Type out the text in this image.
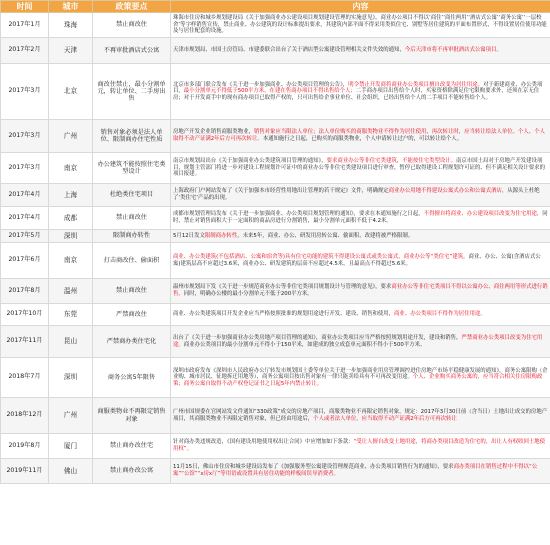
时间	城市	政策要点	内容
2017年1月	珠海	禁止商改住	珠海市住房和城乡规划建设局《关于加强商业办公建设项目规划建设管理的实施意见》，商业办公项目不得以‘商住’‘商住两用’‘酒店式公寓’‘商务公寓’‘一层校舍’等字样销售宣传，禁止商业、办公建筑的设计标准提出要求，其建筑内部平面不得采用类似住宅、别墅等居住建筑的平面布置形式，不得设置居住使用功能及与居住配套的设施。
2017年2月	天津	不再审批酒店式公寓	天津市规划局、市国土房管局、市建委联合出台了关于酒店型公寓建设管理相关文件失效的通知，今后天津市将不再审批酒店式公寓项目。
2017年3月	北京	商改住禁止，最小分割单元，转让单位、二手房出售	北京市多部门联合发布《关于进一步加强商业、办公类项目管理的公告》，明令禁止开发商将商业办公类项目擅自改变为居住用途。对于新建商业、办公类项目，最小分割单元不得低于500平方米，在建在售商办项目不得出售给个人；二手商办项目出售给个人时，买家资格除满足住宅限购要求外，还须在京无住房；对于开发商手中的现有商办项目已取得产权的，只可出售给企事业单位、社会组织，已经出售给个人的二手项目不能转售给个人。
2017年3月	广州	销售对象必须是法人单位、限制商办住宅性质	房地产开发企业销售商服类物业，销售对象应当限法人单位；法人单位购买的商服类物业不得作为居住使用，再次转让时，应当转让给法人单位。个人、个人取得不动产证满2年后方可再次转让。本通知施行之日起，已购买的商服类物业，个人申请转让过户的，可以转让给个人。
2017年3月	南京	办公建筑不能按照住宅类型设计	南京市规划局出台《关于加强商业办公类建筑项目管理的通知》，要求商业办公等非住宅类建筑，不能按住宅类型设计。南京市国土局对于房地产开发建设项目，规划主管部门将进一步对建设工程规划许可证中的商业办公等非住宅类建设项目进行审查，暂停已取得建设工程规划许可证的、但不满足相关设计要求的项目报建。
2017年4月	上海	杜绝类住宅项目	上海政府门户网站发布了《关于加强本市经营性用地出让管理的若干规定》文件，明确规定商业办公用地不得建设公寓式办公和公寓式酒店，从源头上杜绝了‘类住宅’产品的出现。
2017年4月	成都	禁止商改住	成都市规划管理局发布《关于进一步加强商业、办公类项目规划管理的通知》，要求在本通知施行之日起，不得擅自将商业、办公建设项目改变为住宅用途，同时，禁止对销售面积大于一定面积的商品房进行分割销售，最小分割单元面积不低于4.2米。
2017年5月	深圳	限制商办转性	5月12日发文限制商办转性，未来5年，商业、办公、研发用房转公寓、偷面积、改建将被严格限制。
2017年6月	南京	打击商改住、偷面积	商业、办公类建筑(不包括酒店、公寓和宿舍等)具有住宅功能的建筑不得建设公寓式或类公寓式，商业办公等“类住宅”建筑。商业、办公、公寓(含酒店式公寓)建筑层高不应超过3.6米，商业办公、研发建筑的层高不应超过4.5米，且最高点不得超过5.6米。
2017年8月	温州	禁止商改住	温州市规划局下发《关于进一步规范商业办公等非住宅类项目规划设计与管理的意见》，要求商业办公等非住宅类项目不得以公寓办公、商住两用等形式进行销售。同时，明确办公楼的最小分割单元不低于200平方米。
2017年10月	东莞	严禁商改住	商业、办公类建筑项目开发企业应当严格按照批准的规划用途进行开发、建设、销售和使用，商业、办公类项目不得作为居住用途。
2017年11月	昆山	严禁商办类住宅化	出台了《关于进一步加强商业办公类房地产项目管理的通知》，商业办公类项目应当严格按照规划用途开发，建设和销售，严禁商业办公类项目改变为住宅用途。商业办公类项目的最小分割单元不得小于150平米，如建成的独立成套单元面积不得小于500平方米。
2018年7月	深圳	商务公寓5年限售	深圳市政府发布《深圳市人民政府办公厅转发市规划国土委等单位关于进一步加强商业用房管理调控进住房地产市场平稳健康发展的通知》，商务公寓限购（企业购、城市居民、征地拆迁用地等），商务公寓项目按出售对象有一律只能卖给具有不可再改变用途。个人、企业购买商务公寓的，应当符合相关住房限购政策；商务公寓自取得不动产权登记证书之日起5年内禁止转让。
2018年12月	广州	商服类物业不再限定销售对象	广州市国规委在官网站发文件通知“330政策”成交的房地产项目，商服类物业不再限定销售对象，规定：2017年3月30日前（含当日）土地出让成交的房地产项目，其商服类物业不再限定销售对象，但已经由用途后，个人或者法人单位，应当取得不动产证满2年后方可再次转让
2019年8月	厦门	禁止商办改住宅	针对商办类违规改造，《国有建设用地使用权出让合同》中应增加如下条款：“受让人擅自改变土地用途，将商办类项目改造为住宅的，出让人有权收回土地使用权”。
2019年11月	佛山	禁止商办改公寓	11月15日，佛山市住房和城乡建设局发布了《加强服务型公寓建设管理规范商业、办公类项目销售行为的通知》，要求商办类项目在销售过程中不得以“公寓”“公馆”“x房x厅”等用语或设置具有居住功能的样板间误导消费者。
